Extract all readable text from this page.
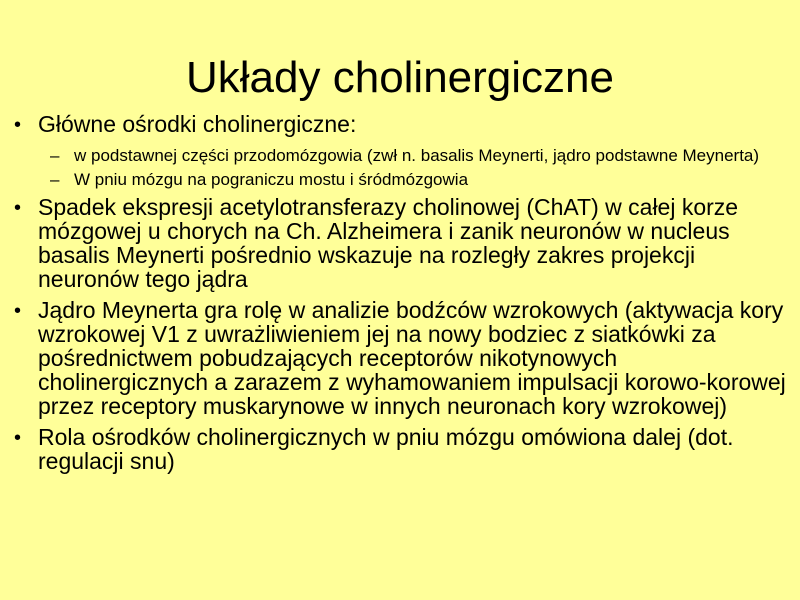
Układy cholinergiczne
• Główne ośrodki cholinergiczne:
– w podstawnej części przodomózgowia (zwł n. basalis Meynerti, jądro podstawne Meynerta)
– W pniu mózgu na pograniczu mostu i śródmózgowia
• Spadek ekspresji acetylotransferazy cholinowej (ChAT) w całej korze mózgowej u chorych na Ch. Alzheimera i zanik neuronów w nucleus basalis Meynerti pośrednio wskazuje na rozległy zakres projekcji neuronów tego jądra
• Jądro Meynerta gra rolę w analizie bodźców wzrokowych (aktywacja kory wzrokowej V1 z uwrażliwieniem jej na nowy bodziec z siatkówki za pośrednictwem pobudzających receptorów nikotynowych cholinergicznych a zarazem z wyhamowaniem impulsacji korowo-korowej przez receptory muskarynowe w innych neuronach kory wzrokowej)
• Rola ośrodków cholinergicznych w pniu mózgu omówiona dalej (dot. regulacji snu)
